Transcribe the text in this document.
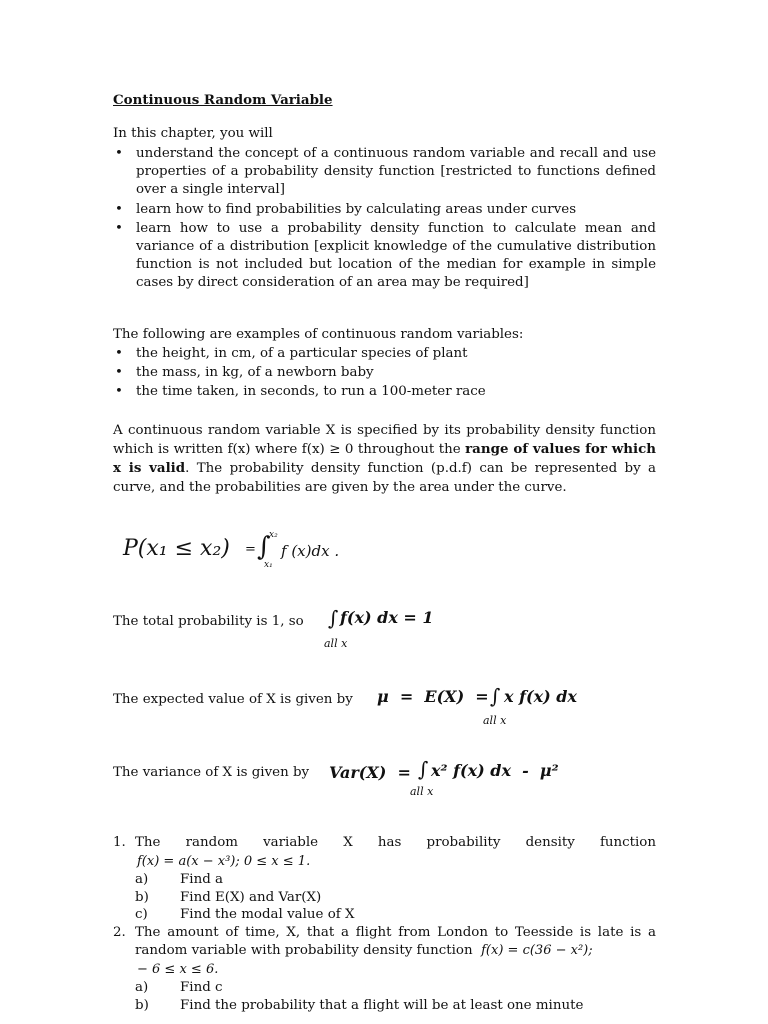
Continuous Random Variable
In this chapter, you will
• understand the concept of a continuous random variable and recall and use properties of a probability density function [restricted to functions defined over a single interval]
• learn how to find probabilities by calculating areas under curves
• learn how to use a probability density function to calculate mean and variance of a distribution [explicit knowledge of the cumulative distribution function is not included but location of the median for example in simple cases by direct consideration of an area may be required]
The following are examples of continuous random variables:
• the height, in cm, of a particular species of plant
• the mass, in kg, of a newborn baby
• the time taken, in seconds, to run a 100-meter race
A continuous random variable X is specified by its probability density function which is written f(x) where f(x) ≥ 0 throughout the range of values for which x is valid. The probability density function (p.d.f) can be represented by a curve, and the probabilities are given by the area under the curve.
P(x₁ ≤ x₂) = ∫
x₂
x₁
f (x)dx .
The total probability is 1, so ∫ f(x) dx = 1
all x
The expected value of X is given by μ  =  E(X)  = ∫ x f(x) dx
all x
The variance of X is given by Var(X)  = ∫ x² f(x) dx  -  μ²
all x
1. The random variable X has probability density function
f(x) = a(x − x³); 0 ≤ x ≤ 1.
a) Find a
b) Find E(X) and Var(X)
c) Find the modal value of X
2. The amount of time, X, that a flight from London to Teesside is late is a random variable with probability density function f(x) = c(36 − x²);
− 6 ≤ x ≤ 6.
a) Find c
b) Find the probability that a flight will be at least one minute
